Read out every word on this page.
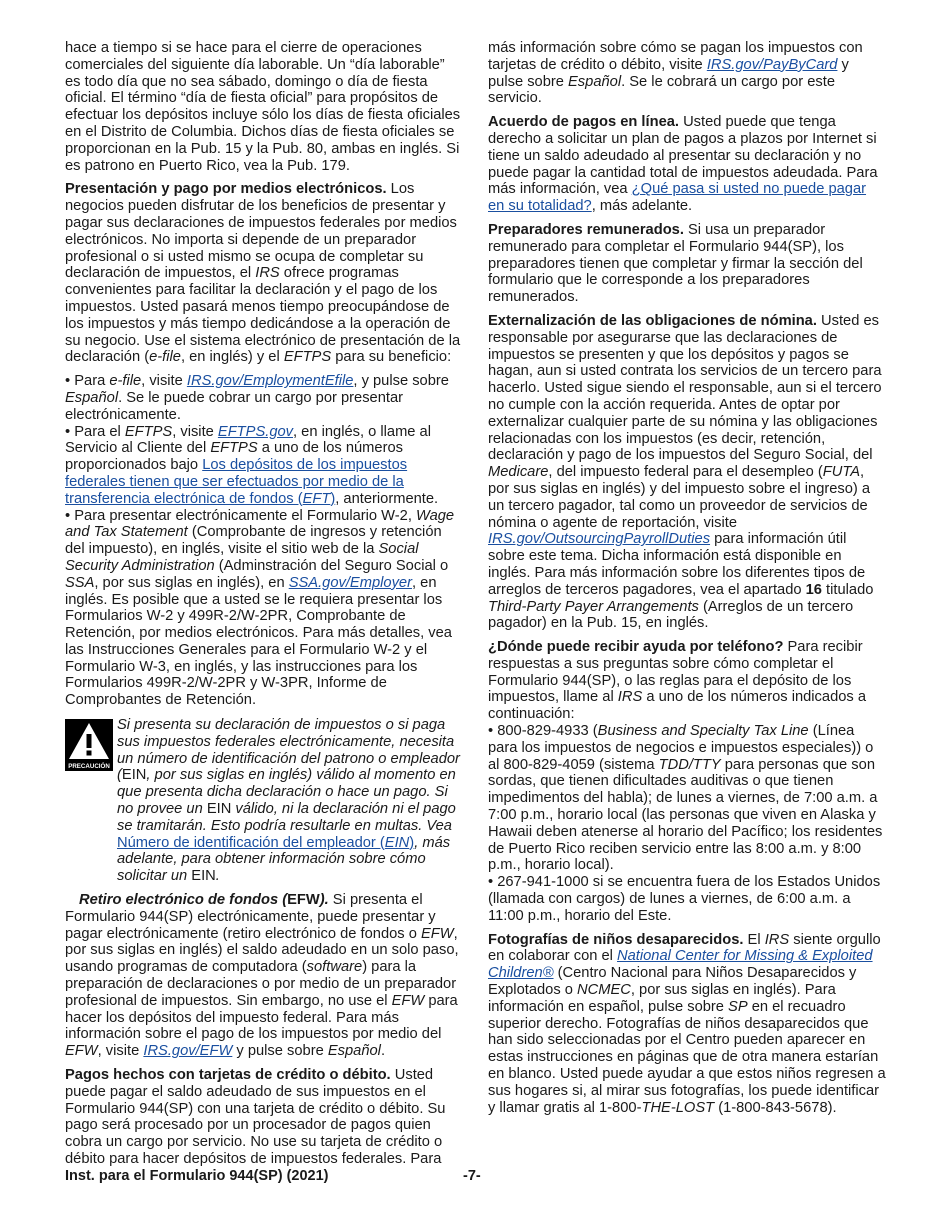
hace a tiempo si se hace para el cierre de operaciones comerciales del siguiente día laborable. Un “día laborable” es todo día que no sea sábado, domingo o día de fiesta oficial. El término “día de fiesta oficial” para propósitos de efectuar los depósitos incluye sólo los días de fiesta oficiales en el Distrito de Columbia. Dichos días de fiesta oficiales se proporcionan en la Pub. 15 y la Pub. 80, ambas en inglés. Si es patrono en Puerto Rico, vea la Pub. 179.

Presentación y pago por medios electrónicos. Los negocios pueden disfrutar de los beneficios de presentar y pagar sus declaraciones de impuestos federales por medios electrónicos. No importa si depende de un preparador profesional o si usted mismo se ocupa de completar su declaración de impuestos, el IRS ofrece programas convenientes para facilitar la declaración y el pago de los impuestos. Usted pasará menos tiempo preocupándose de los impuestos y más tiempo dedicándose a la operación de su negocio. Use el sistema electrónico de presentación de la declaración (e-file, en inglés) y el EFTPS para su beneficio:

• Para e-file, visite IRS.gov/EmploymentEfile, y pulse sobre Español. Se le puede cobrar un cargo por presentar electrónicamente.
• Para el EFTPS, visite EFTPS.gov, en inglés, o llame al Servicio al Cliente del EFTPS a uno de los números proporcionados bajo Los depósitos de los impuestos federales tienen que ser efectuados por medio de la transferencia electrónica de fondos (EFT), anteriormente.

• Para presentar electrónicamente el Formulario W-2, Wage and Tax Statement (Comprobante de ingresos y retención del impuesto), en inglés, visite el sitio web de la Social Security Administration (Adminstración del Seguro Social o SSA, por sus siglas en inglés), en SSA.gov/Employer, en inglés. Es posible que a usted se le requiera presentar los Formularios W-2 y 499R-2/W-2PR, Comprobante de Retención, por medios electrónicos. Para más detalles, vea las Instrucciones Generales para el Formulario W-2 y el Formulario W-3, en inglés, y las instrucciones para los Formularios 499R-2/W-2PR y W-3PR, Informe de Comprobantes de Retención.

PRECAUCIÓN
Si presenta su declaración de impuestos o si paga sus impuestos federales electrónicamente, necesita un número de identificación del patrono o empleador (EIN, por sus siglas en inglés) válido al momento en que presenta dicha declaración o hace un pago. Si no provee un EIN válido, ni la declaración ni el pago se tramitarán. Esto podría resultarle en multas. Vea Número de identificación del empleador (EIN), más adelante, para obtener información sobre cómo solicitar un EIN.

Retiro electrónico de fondos (EFW). Si presenta el Formulario 944(SP) electrónicamente, puede presentar y pagar electrónicamente (retiro electrónico de fondos o EFW, por sus siglas en inglés) el saldo adeudado en un solo paso, usando programas de computadora (software) para la preparación de declaraciones o por medio de un preparador profesional de impuestos. Sin embargo, no use el EFW para hacer los depósitos del impuesto federal. Para más información sobre el pago de los impuestos por medio del EFW, visite IRS.gov/EFW y pulse sobre Español.

Pagos hechos con tarjetas de crédito o débito. Usted puede pagar el saldo adeudado de sus impuestos en el Formulario 944(SP) con una tarjeta de crédito o débito. Su pago será procesado por un procesador de pagos quien cobra un cargo por servicio. No use su tarjeta de crédito o débito para hacer depósitos de impuestos federales. Para

más información sobre cómo se pagan los impuestos con tarjetas de crédito o débito, visite IRS.gov/PayByCard y pulse sobre Español. Se le cobrará un cargo por este servicio.

Acuerdo de pagos en línea. Usted puede que tenga derecho a solicitar un plan de pagos a plazos por Internet si tiene un saldo adeudado al presentar su declaración y no puede pagar la cantidad total de impuestos adeudada. Para más información, vea ¿Qué pasa si usted no puede pagar en su totalidad?, más adelante.

Preparadores remunerados. Si usa un preparador remunerado para completar el Formulario 944(SP), los preparadores tienen que completar y firmar la sección del formulario que le corresponde a los preparadores remunerados.

Externalización de las obligaciones de nómina. Usted es responsable por asegurarse que las declaraciones de impuestos se presenten y que los depósitos y pagos se hagan, aun si usted contrata los servicios de un tercero para hacerlo. Usted sigue siendo el responsable, aun si el tercero no cumple con la acción requerida. Antes de optar por externalizar cualquier parte de su nómina y las obligaciones relacionadas con los impuestos (es decir, retención, declaración y pago de los impuestos del Seguro Social, del Medicare, del impuesto federal para el desempleo (FUTA, por sus siglas en inglés) y del impuesto sobre el ingreso) a un tercero pagador, tal como un proveedor de servicios de nómina o agente de reportación, visite IRS.gov/OutsourcingPayrollDuties para información útil sobre este tema. Dicha información está disponible en inglés. Para más información sobre los diferentes tipos de arreglos de terceros pagadores, vea el apartado 16 titulado Third-Party Payer Arrangements (Arreglos de un tercero pagador) en la Pub. 15, en inglés.

¿Dónde puede recibir ayuda por teléfono? Para recibir respuestas a sus preguntas sobre cómo completar el Formulario 944(SP), o las reglas para el depósito de los impuestos, llame al IRS a uno de los números indicados a continuación:
• 800-829-4933 (Business and Specialty Tax Line (Línea para los impuestos de negocios e impuestos especiales)) o al 800-829-4059 (sistema TDD/TTY para personas que son sordas, que tienen dificultades auditivas o que tienen impedimentos del habla); de lunes a viernes, de 7:00 a.m. a 7:00 p.m., horario local (las personas que viven en Alaska y Hawaii deben atenerse al horario del Pacífico; los residentes de Puerto Rico reciben servicio entre las 8:00 a.m. y 8:00 p.m., horario local).

• 267-941-1000 si se encuentra fuera de los Estados Unidos (llamada con cargos) de lunes a viernes, de 6:00 a.m. a 11:00 p.m., horario del Este.

Fotografías de niños desaparecidos. El IRS siente orgullo en colaborar con el National Center for Missing & Exploited Children® (Centro Nacional para Niños Desaparecidos y Explotados o NCMEC, por sus siglas en inglés). Para información en español, pulse sobre SP en el recuadro superior derecho. Fotografías de niños desaparecidos que han sido seleccionadas por el Centro pueden aparecer en estas instrucciones en páginas que de otra manera estarían en blanco. Usted puede ayudar a que estos niños regresen a sus hogares si, al mirar sus fotografías, los puede identificar y llamar gratis al 1-800-THE-LOST (1-800-843-5678).

Inst. para el Formulario 944(SP) (2021)	-7-
